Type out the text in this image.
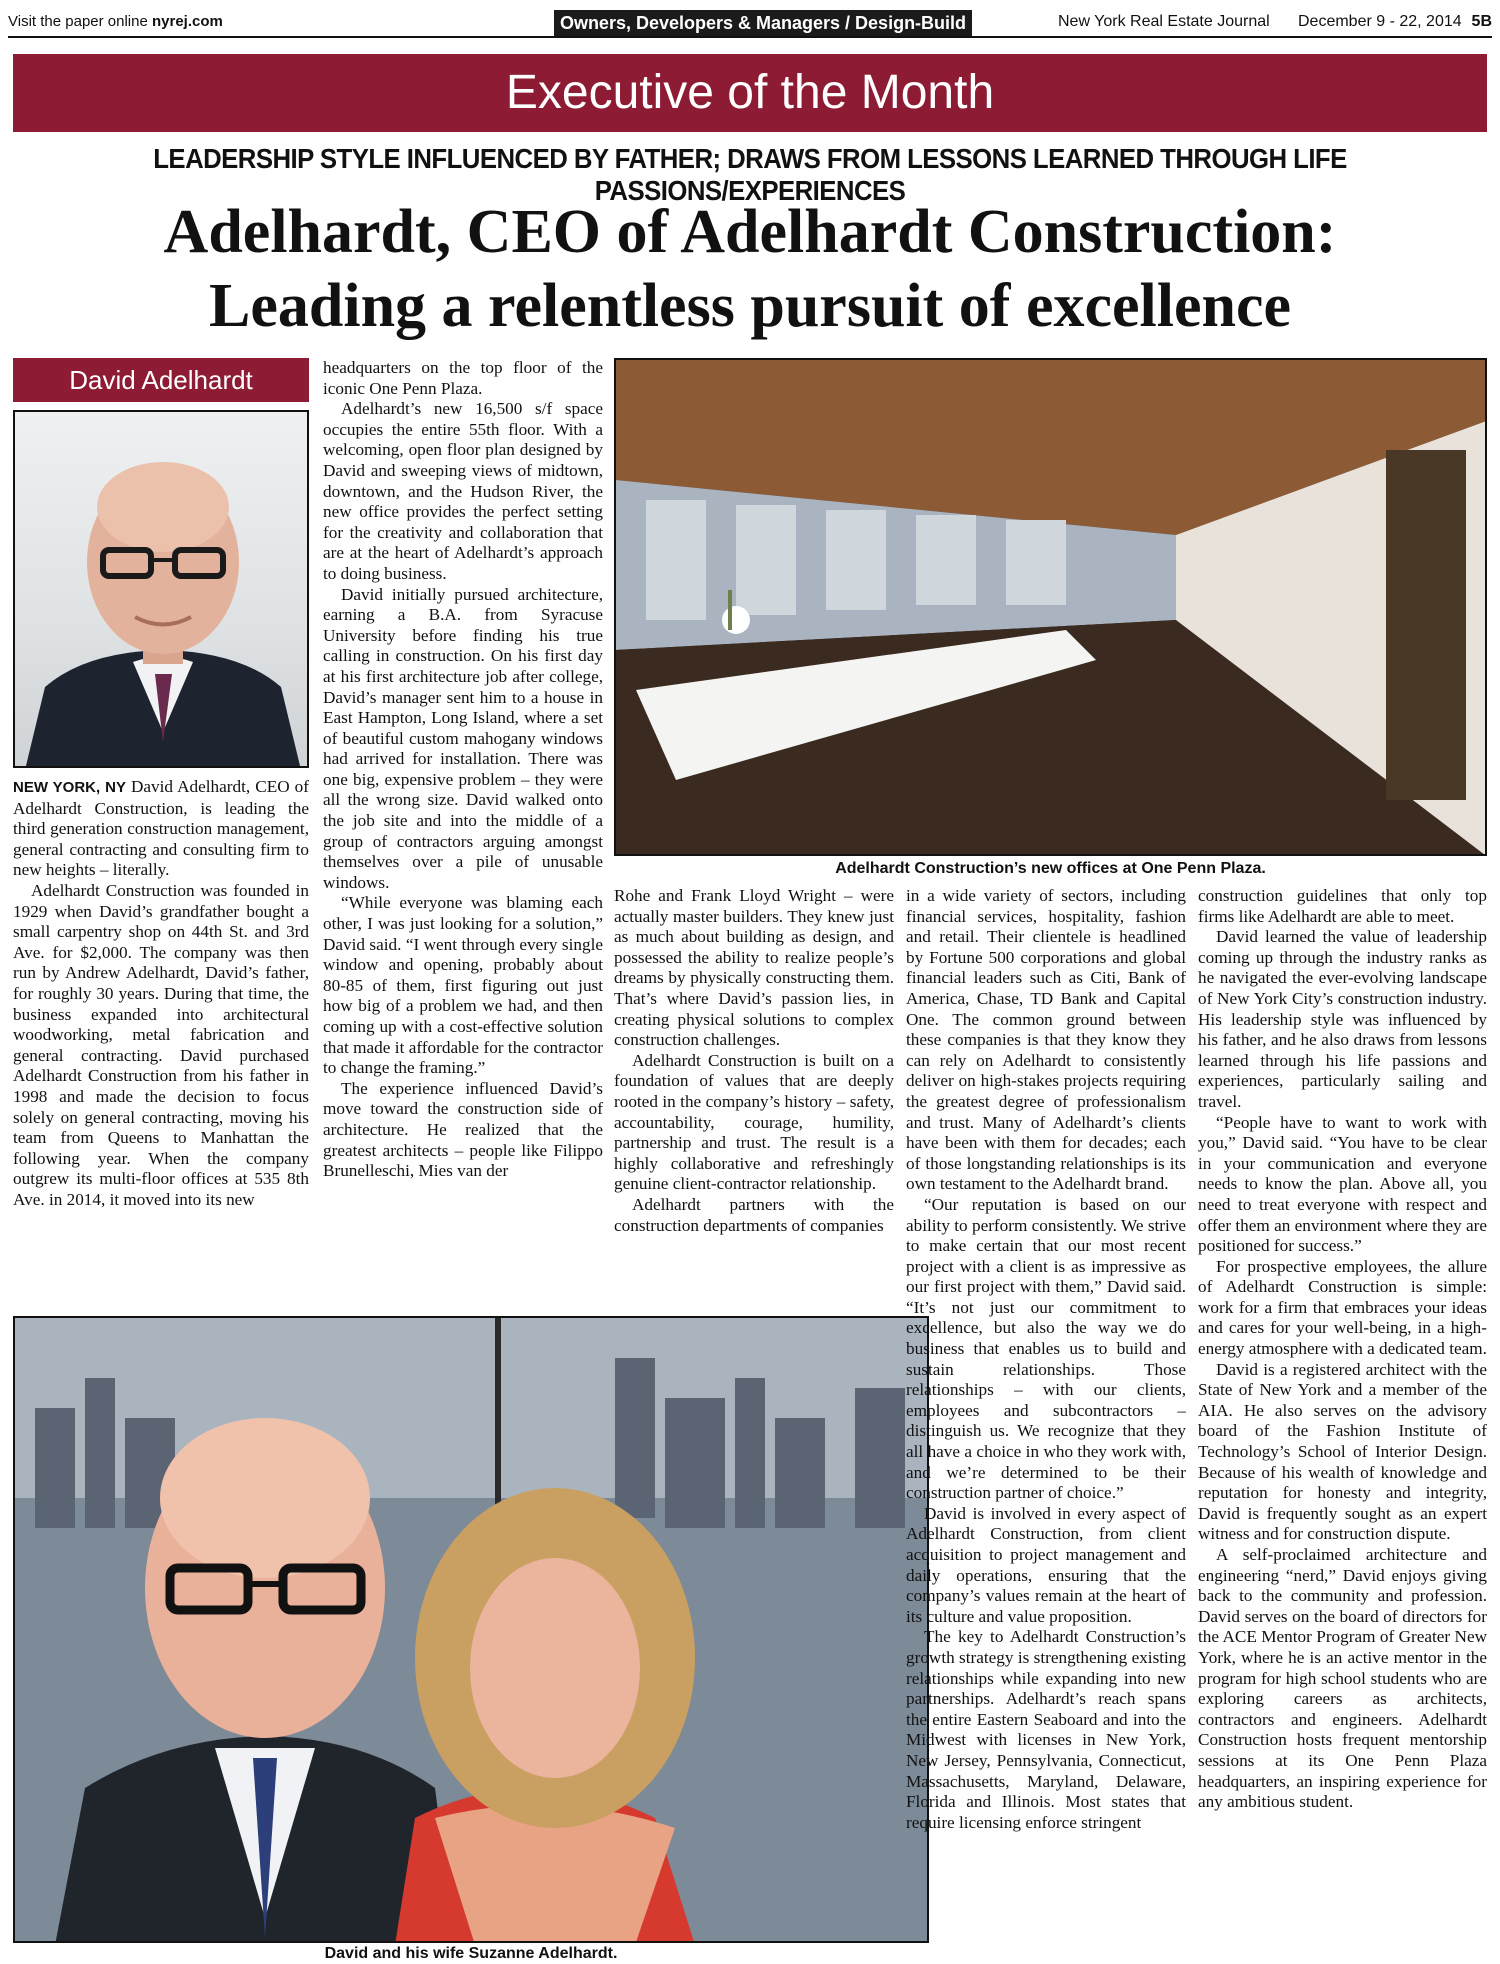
Visit the paper online nyrej.com	Owners, Developers & Managers / Design-Build	New York Real Estate Journal December 9 - 22, 2014 5B
Executive of the Month
LEADERSHIP STYLE INFLUENCED BY FATHER; DRAWS FROM LESSONS LEARNED THROUGH LIFE PASSIONS/EXPERIENCES
Adelhardt, CEO of Adelhardt Construction:
Leading a relentless pursuit of excellence
David Adelhardt
Adelhardt Construction’s new offices at One Penn Plaza.
David and his wife Suzanne Adelhardt.

NEW YORK, NY David Adelhardt, CEO of Adelhardt Construction, is leading the third generation construction management, general contracting and consulting firm to new heights – literally.

Adelhardt Construction was founded in 1929 when David’s grandfather bought a small carpentry shop on 44th St. and 3rd Ave. for $2,000. The company was then run by Andrew Adelhardt, David’s father, for roughly 30 years. During that time, the business expanded into architectural woodworking, metal fabrication and general contracting. David purchased Adelhardt Construction from his father in 1998 and made the decision to focus solely on general contracting, moving his team from Queens to Manhattan the following year. When the company outgrew its multi-floor offices at 535 8th Ave. in 2014, it moved into its new

headquarters on the top floor of the iconic One Penn Plaza.

Adelhardt’s new 16,500 s/f space occupies the entire 55th floor. With a welcoming, open floor plan designed by David and sweeping views of midtown, downtown, and the Hudson River, the new office provides the perfect setting for the creativity and collaboration that are at the heart of Adelhardt’s approach to doing business.

David initially pursued architecture, earning a B.A. from Syracuse University before finding his true calling in construction. On his first day at his first architecture job after college, David’s manager sent him to a house in East Hampton, Long Island, where a set of beautiful custom mahogany windows had arrived for installation. There was one big, expensive problem – they were all the wrong size. David walked onto the job site and into the middle of a group of contractors arguing amongst themselves over a pile of unusable windows.

“While everyone was blaming each other, I was just looking for a solution,” David said. “I went through every single window and opening, probably about 80-85 of them, first figuring out just how big of a problem we had, and then coming up with a cost-effective solution that made it affordable for the contractor to change the framing.”

The experience influenced David’s move toward the construction side of architecture. He realized that the greatest architects – people like Filippo Brunelleschi, Mies van der

Rohe and Frank Lloyd Wright – were actually master builders. They knew just as much about building as design, and possessed the ability to realize people’s dreams by physically constructing them. That’s where David’s passion lies, in creating physical solutions to complex construction challenges.

Adelhardt Construction is built on a foundation of values that are deeply rooted in the company’s history – safety, accountability, courage, humility, partnership and trust. The result is a highly collaborative and refreshingly genuine client-contractor relationship.

Adelhardt partners with the construction departments of companies

in a wide variety of sectors, including financial services, hospitality, fashion and retail. Their clientele is headlined by Fortune 500 corporations and global financial leaders such as Citi, Bank of America, Chase, TD Bank and Capital One. The common ground between these companies is that they know they can rely on Adelhardt to consistently deliver on high-stakes projects requiring the greatest degree of professionalism and trust. Many of Adelhardt’s clients have been with them for decades; each of those longstanding relationships is its own testament to the Adelhardt brand.

“Our reputation is based on our ability to perform consistently. We strive to make certain that our most recent project with a client is as impressive as our first project with them,” David said. “It’s not just our commitment to excellence, but also the way we do business that enables us to build and sustain relationships. Those relationships – with our clients, employees and subcontractors – distinguish us. We recognize that they all have a choice in who they work with, and we’re determined to be their construction partner of choice.”

David is involved in every aspect of Adelhardt Construction, from client acquisition to project management and daily operations, ensuring that the company’s values remain at the heart of its culture and value proposition.

The key to Adelhardt Construction’s growth strategy is strengthening existing relationships while expanding into new partnerships. Adelhardt’s reach spans the entire Eastern Seaboard and into the Midwest with licenses in New York, New Jersey, Pennsylvania, Connecticut, Massachusetts, Maryland, Delaware, Florida and Illinois. Most states that require licensing enforce stringent

construction guidelines that only top firms like Adelhardt are able to meet.

David learned the value of leadership coming up through the industry ranks as he navigated the ever-evolving landscape of New York City’s construction industry. His leadership style was influenced by his father, and he also draws from lessons learned through his life passions and experiences, particularly sailing and travel.

“People have to want to work with you,” David said. “You have to be clear in your communication and everyone needs to know the plan. Above all, you need to treat everyone with respect and offer them an environment where they are positioned for success.”

For prospective employees, the allure of Adelhardt Construction is simple: work for a firm that embraces your ideas and cares for your well-being, in a high-energy atmosphere with a dedicated team.

David is a registered architect with the State of New York and a member of the AIA. He also serves on the advisory board of the Fashion Institute of Technology’s School of Interior Design. Because of his wealth of knowledge and reputation for honesty and integrity, David is frequently sought as an expert witness and for construction dispute.

A self-proclaimed architecture and engineering “nerd,” David enjoys giving back to the community and profession. David serves on the board of directors for the ACE Mentor Program of Greater New York, where he is an active mentor in the program for high school students who are exploring careers as architects, contractors and engineers. Adelhardt Construction hosts frequent mentorship sessions at its One Penn Plaza headquarters, an inspiring experience for any ambitious student.
